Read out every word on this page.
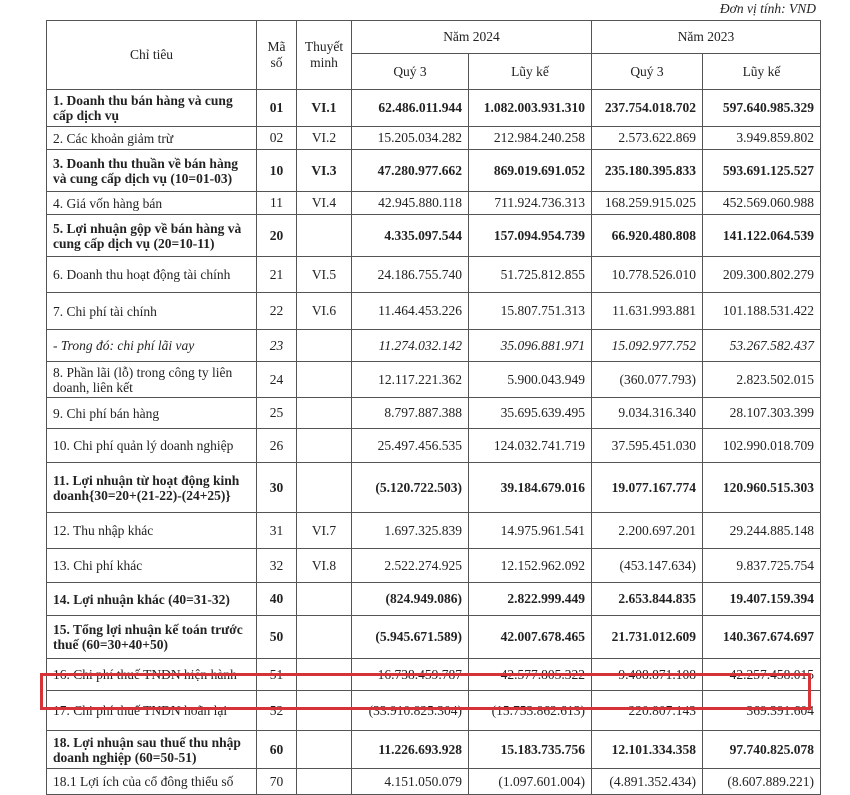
Đơn vị tính: VND
Chỉ tiêu	Mã số	Thuyết minh	Năm 2024		Năm 2023	
			Quý 3	Lũy kế	Quý 3	Lũy kế
1. Doanh thu bán hàng và cung cấp dịch vụ	01	VI.1	62.486.011.944	1.082.003.931.310	237.754.018.702	597.640.985.329
2. Các khoản giảm trừ	02	VI.2	15.205.034.282	212.984.240.258	2.573.622.869	3.949.859.802
3. Doanh thu thuần về bán hàng và cung cấp dịch vụ (10=01-03)	10	VI.3	47.280.977.662	869.019.691.052	235.180.395.833	593.691.125.527
4. Giá vốn hàng bán	11	VI.4	42.945.880.118	711.924.736.313	168.259.915.025	452.569.060.988
5. Lợi nhuận gộp về bán hàng và cung cấp dịch vụ (20=10-11)	20		4.335.097.544	157.094.954.739	66.920.480.808	141.122.064.539
6. Doanh thu hoạt động tài chính	21	VI.5	24.186.755.740	51.725.812.855	10.778.526.010	209.300.802.279
7. Chi phí tài chính	22	VI.6	11.464.453.226	15.807.751.313	11.631.993.881	101.188.531.422
- Trong đó: chi phí lãi vay	23		11.274.032.142	35.096.881.971	15.092.977.752	53.267.582.437
8. Phần lãi (lỗ) trong công ty liên doanh, liên kết	24		12.117.221.362	5.900.043.949	(360.077.793)	2.823.502.015
9. Chi phí bán hàng	25		8.797.887.388	35.695.639.495	9.034.316.340	28.107.303.399
10. Chi phí quản lý doanh nghiệp	26		25.497.456.535	124.032.741.719	37.595.451.030	102.990.018.709
11. Lợi nhuận từ hoạt động kinh doanh{30=20+(21-22)-(24+25)}	30		(5.120.722.503)	39.184.679.016	19.077.167.774	120.960.515.303
12. Thu nhập khác	31	VI.7	1.697.325.839	14.975.961.541	2.200.697.201	29.244.885.148
13. Chi phí khác	32	VI.8	2.522.274.925	12.152.962.092	(453.147.634)	9.837.725.754
14. Lợi nhuận khác (40=31-32)	40		(824.949.086)	2.822.999.449	2.653.844.835	19.407.159.394
15. Tổng lợi nhuận kế toán trước thuế (60=30+40+50)	50		(5.945.671.589)	42.007.678.465	21.731.012.609	140.367.674.697
16. Chi phí thuế TNDN hiện hành	51		16.738.459.787	42.577.805.322	9.408.871.108	42.257.458.015
17. Chi phí thuế TNDN hoãn lại	52		(33.910.825.304)	(15.753.862.613)	220.807.143	369.391.604
18. Lợi nhuận sau thuế thu nhập doanh nghiệp (60=50-51)	60		11.226.693.928	15.183.735.756	12.101.334.358	97.740.825.078
18.1 Lợi ích của cổ đông thiểu số	70		4.151.050.079	(1.097.601.004)	(4.891.352.434)	(8.607.889.221)
